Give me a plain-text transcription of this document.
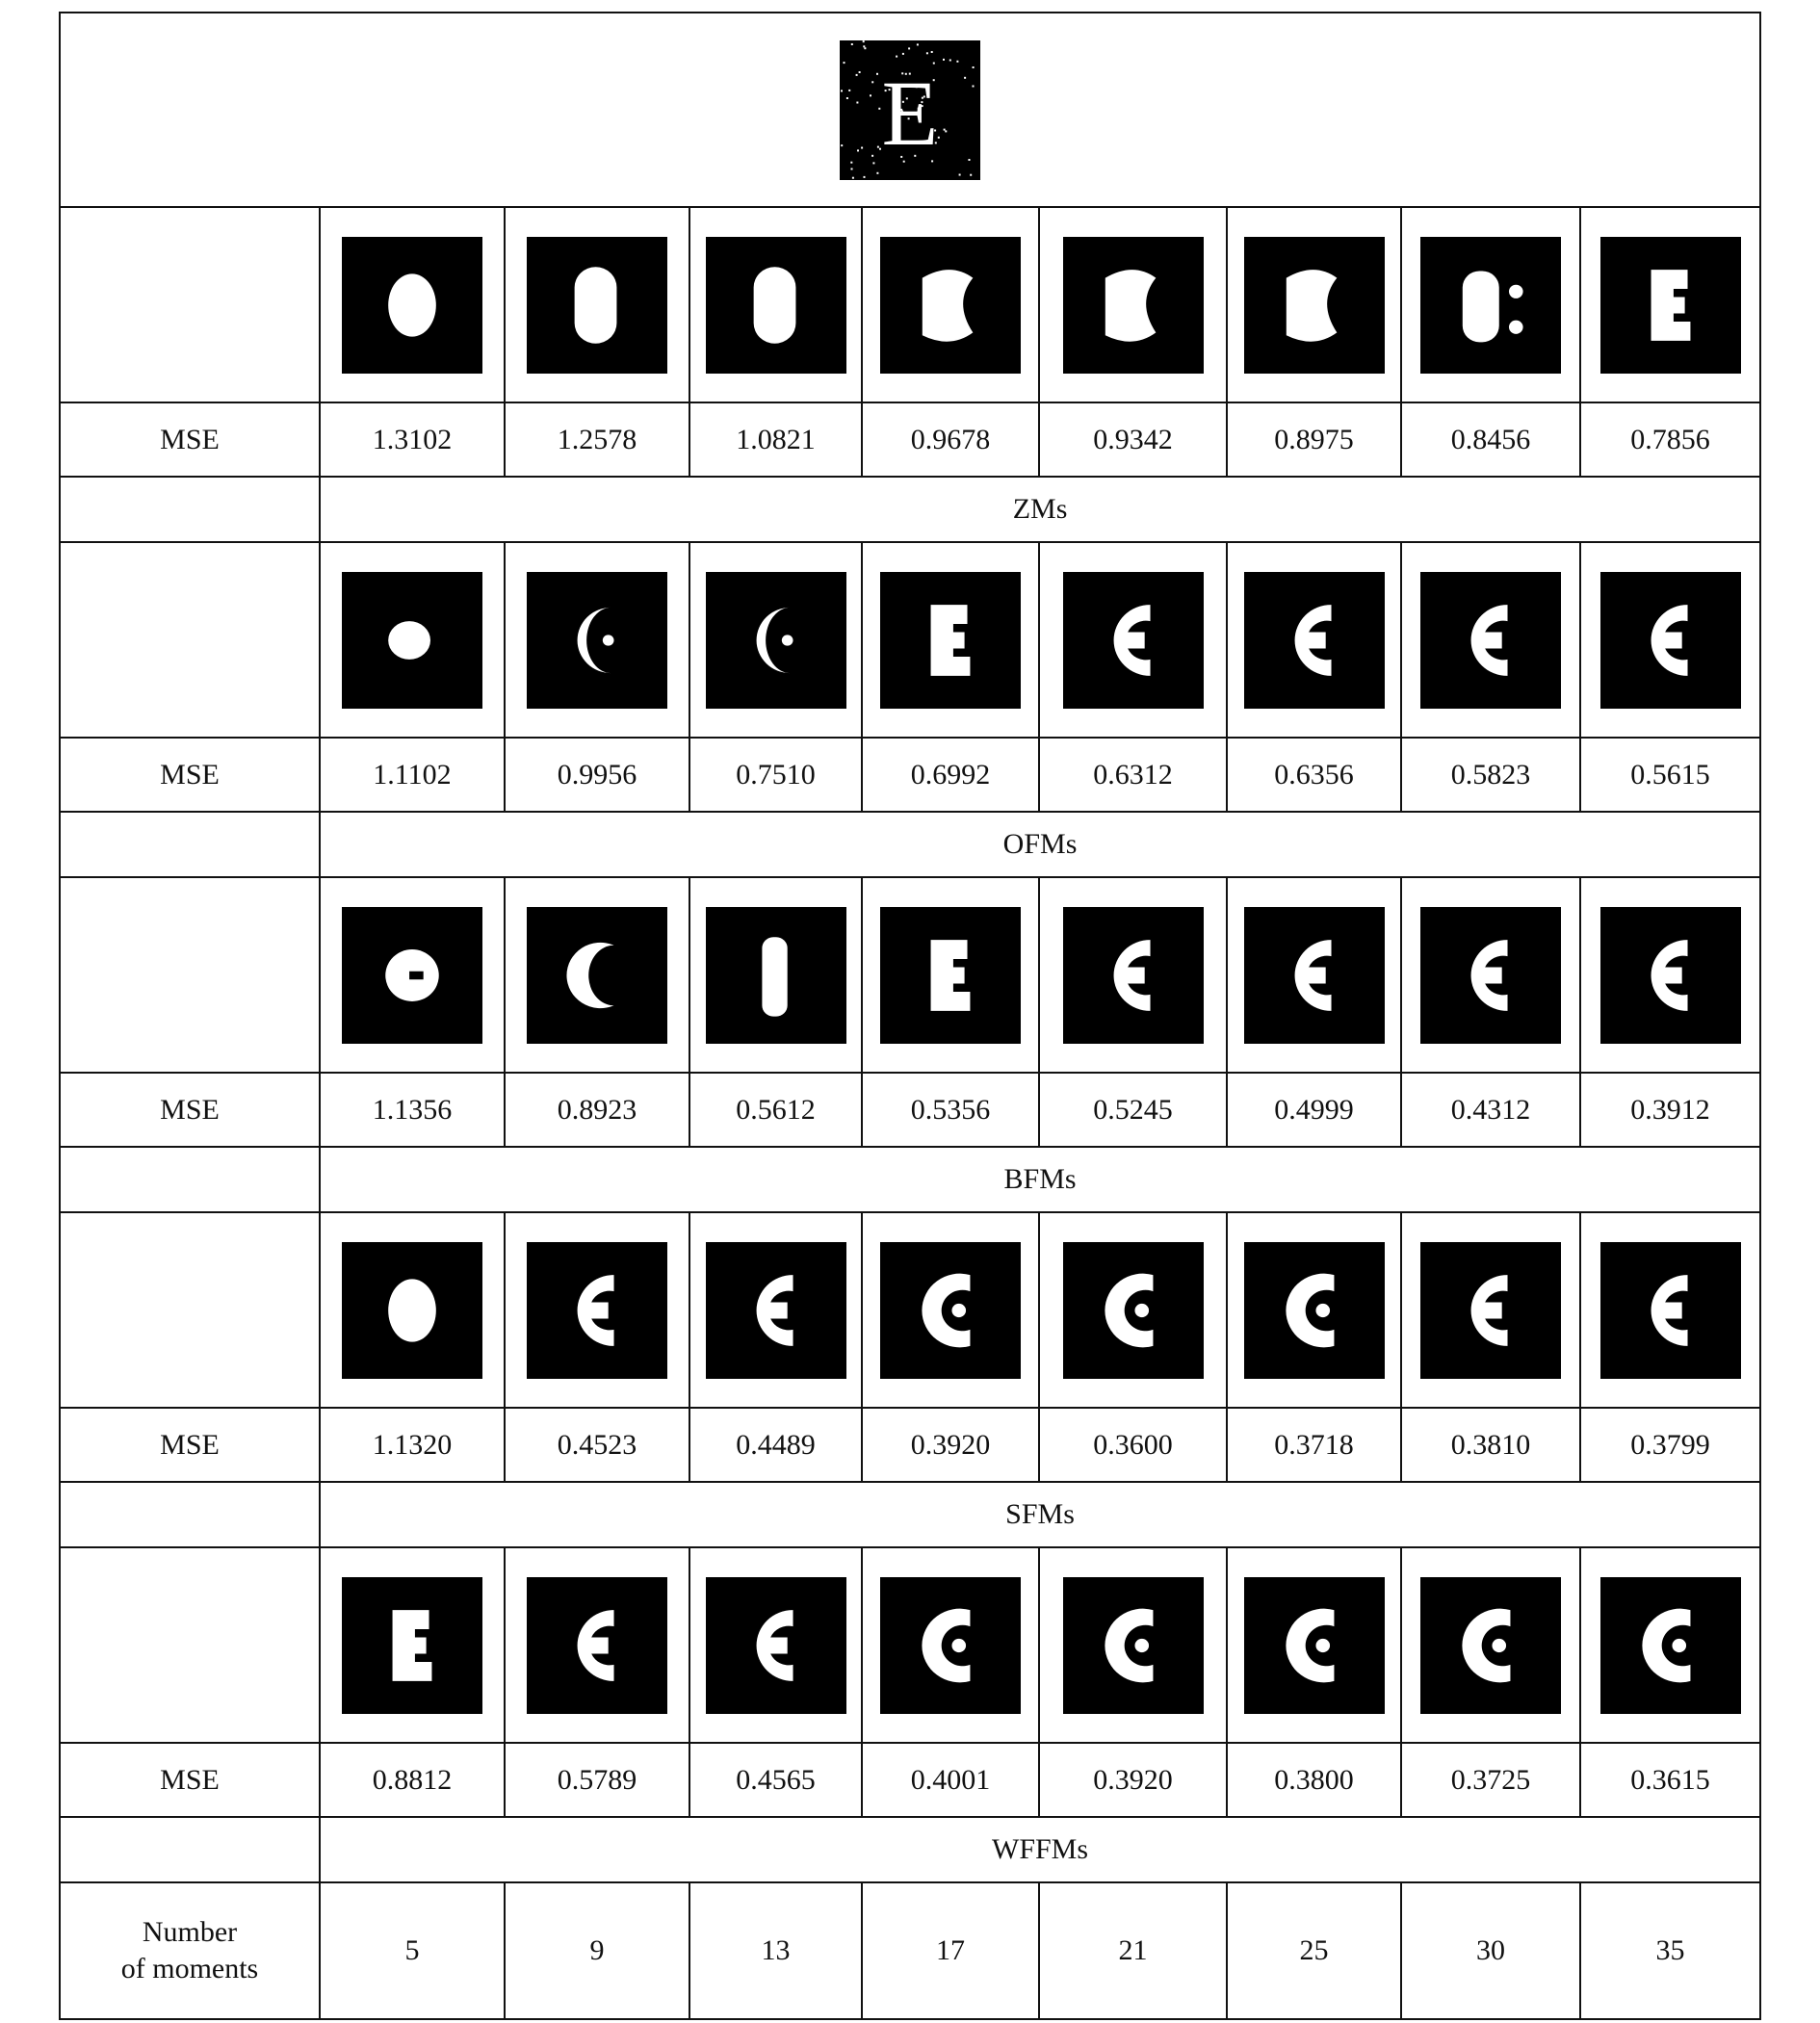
E								

MSE	1.3102	1.2578	1.0821	0.9678	0.9342	0.8975	0.8456	0.7856
	ZMs							

MSE	1.1102	0.9956	0.7510	0.6992	0.6312	0.6356	0.5823	0.5615
	OFMs							

MSE	1.1356	0.8923	0.5612	0.5356	0.5245	0.4999	0.4312	0.3912
	BFMs							

MSE	1.1320	0.4523	0.4489	0.3920	0.3600	0.3718	0.3810	0.3799
	SFMs							

MSE	0.8812	0.5789	0.4565	0.4001	0.3920	0.3800	0.3725	0.3615
	WFFMs							

Number
of moments	5	9	13	17	21	25	30	35
